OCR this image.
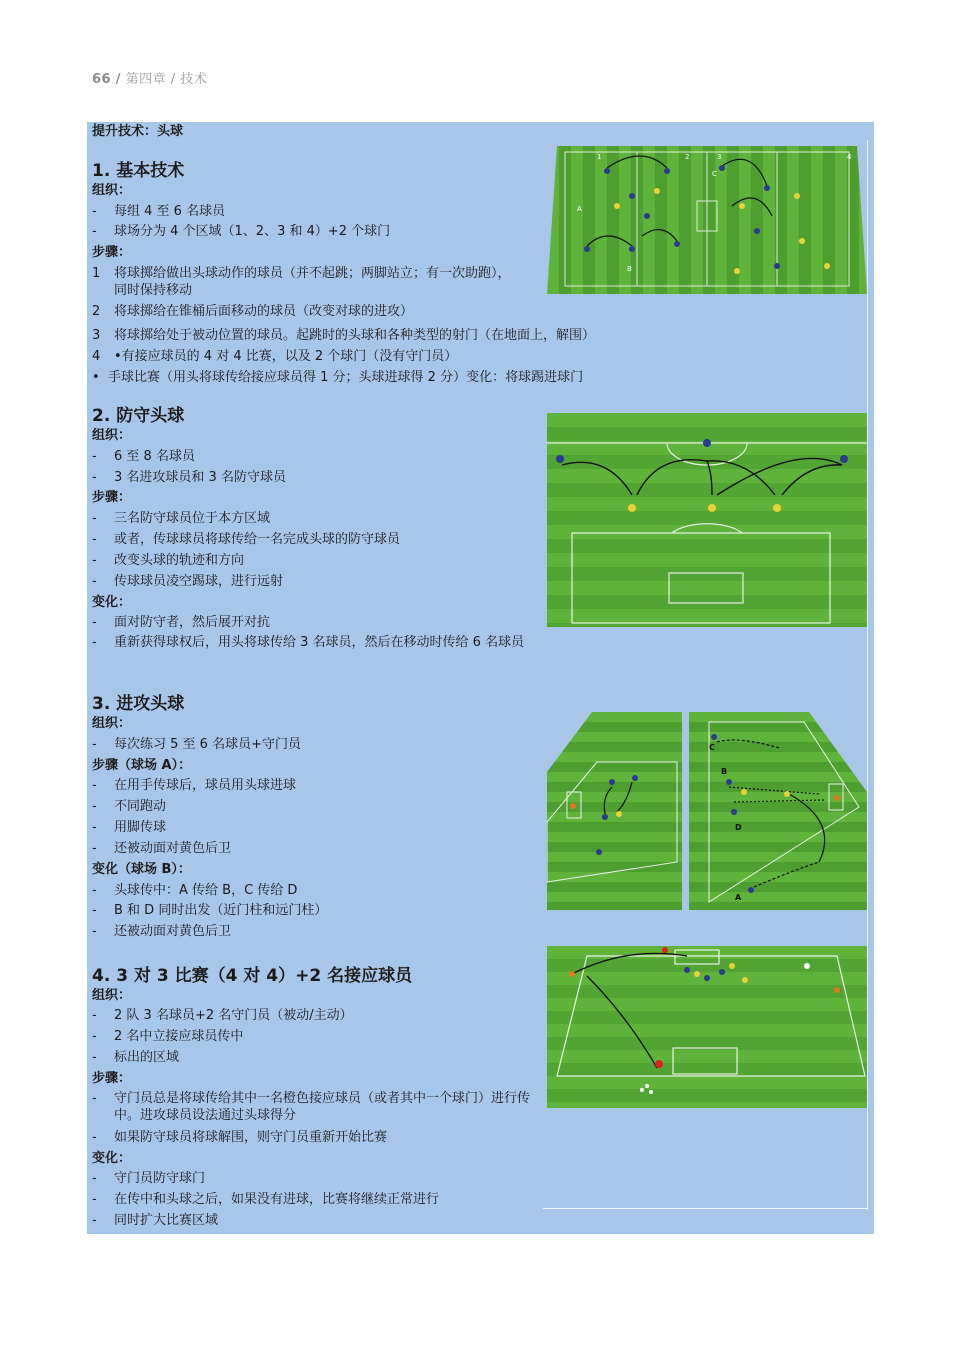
66 / 第四章 / 技术
提升技术：头球
1. 基本技术
组织：
- 每组 4 至 6 名球员
- 球场分为 4 个区域（1、2、3 和 4）+2 个球门
步骤：
1 将球掷给做出头球动作的球员（并不起跳；两脚站立；有一次助跑），
同时保持移动
2 将球掷给在锥桶后面移动的球员（改变对球的进攻）
3 将球掷给处于被动位置的球员。起跳时的头球和各种类型的射门（在地面上，解围）
4 •有接应球员的 4 对 4 比赛，以及 2 个球门（没有守门员）
• 手球比赛（用头将球传给接应球员得 1 分；头球进球得 2 分）变化：将球踢进球门
1	2	3	4
A
B
C
2. 防守头球
组织：
- 6 至 8 名球员
- 3 名进攻球员和 3 名防守球员
步骤：
- 三名防守球员位于本方区域
- 或者，传球球员将球传给一名完成头球的防守球员
- 改变头球的轨迹和方向
- 传球球员凌空踢球，进行远射
变化：
- 面对防守者，然后展开对抗
- 重新获得球权后，用头将球传给 3 名球员，然后在移动时传给 6 名球员
3. 进攻头球
组织：
- 每次练习 5 至 6 名球员+守门员
步骤（球场 A）：
- 在用手传球后，球员用头球进球
- 不同跑动
- 用脚传球
- 还被动面对黄色后卫
变化（球场 B）：
- 头球传中：A 传给 B，C 传给 D
- B 和 D 同时出发（近门柱和远门柱）
- 还被动面对黄色后卫
A
B
C
D
4. 3 对 3 比赛（4 对 4）+2 名接应球员
组织：
- 2 队 3 名球员+2 名守门员（被动/主动）
- 2 名中立接应球员传中
- 标出的区域
步骤：
- 守门员总是将球传给其中一名橙色接应球员（或者其中一个球门）进行传中。进攻球员设法通过头球得分
- 如果防守球员将球解围，则守门员重新开始比赛
变化：
- 守门员防守球门
- 在传中和头球之后，如果没有进球，比赛将继续正常进行
- 同时扩大比赛区域
